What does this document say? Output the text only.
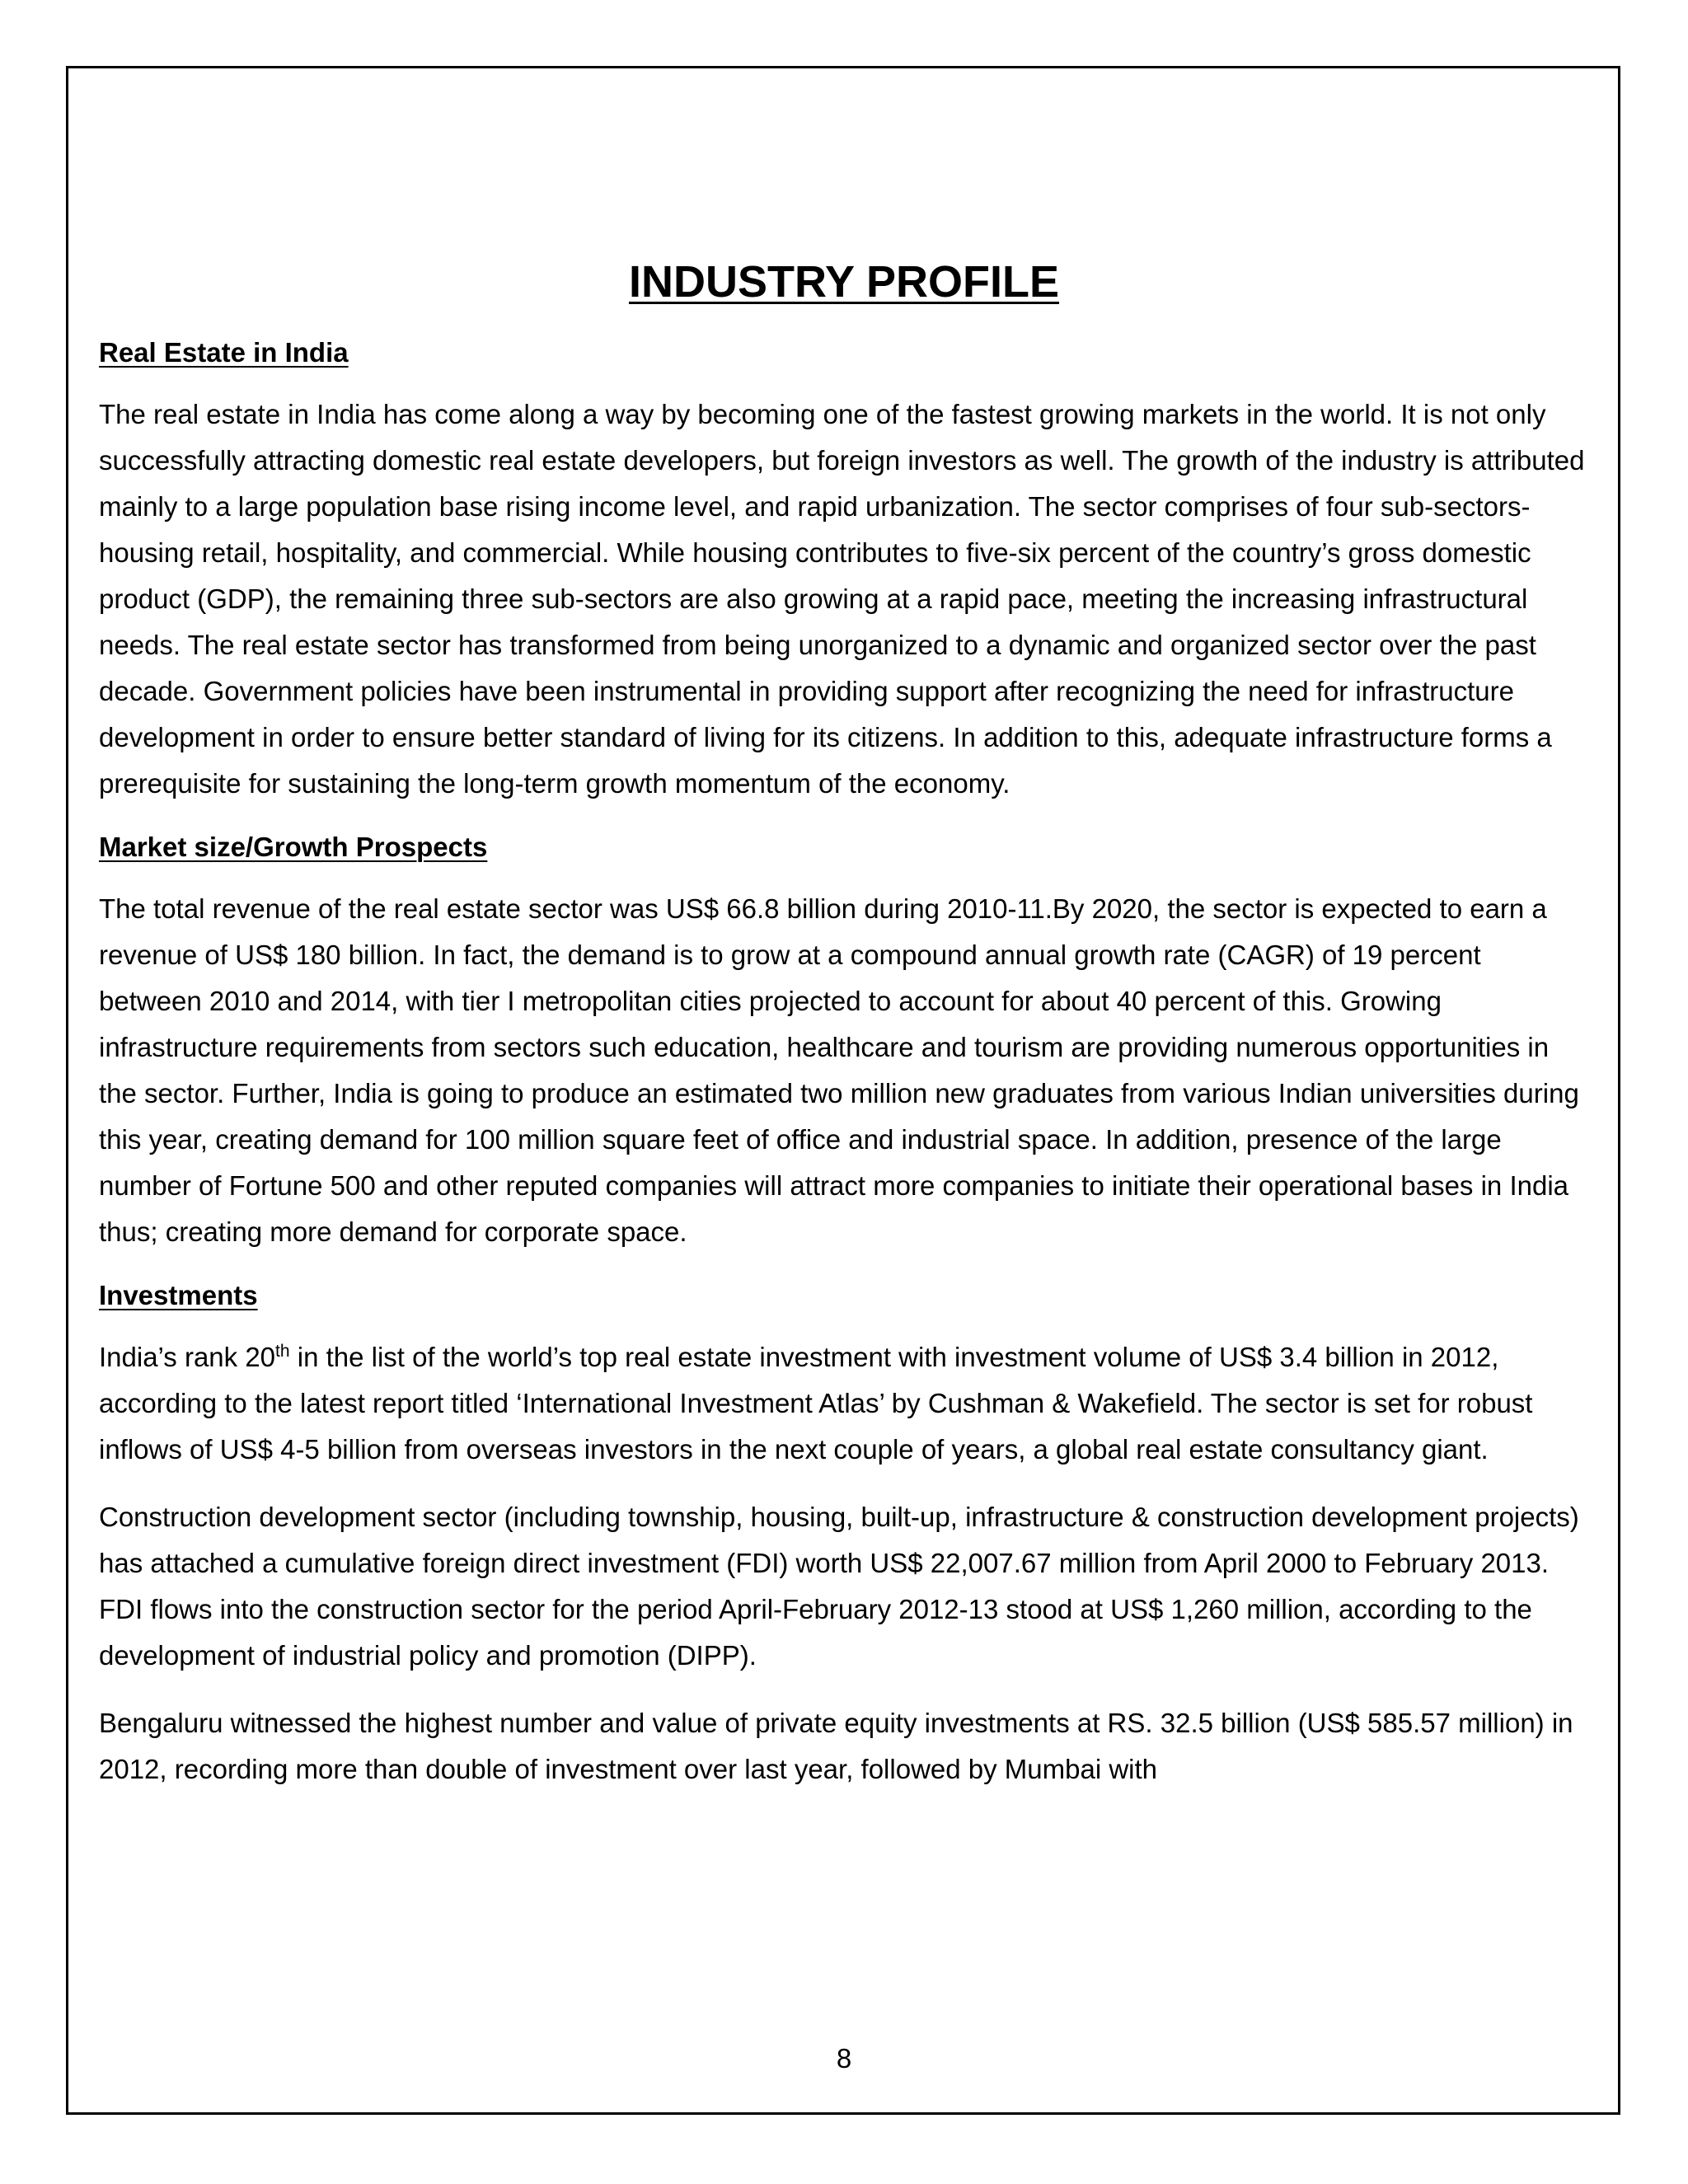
INDUSTRY PROFILE
Real Estate in India

The real estate in India has come along a way by becoming one of the fastest growing markets in the world. It is not only successfully attracting domestic real estate developers, but foreign investors as well. The growth of the industry is attributed mainly to a large population base rising income level, and rapid urbanization. The sector comprises of four sub-sectors-housing retail, hospitality, and commercial. While housing contributes to five-six percent of the country’s gross domestic product (GDP), the remaining three sub-sectors are also growing at a rapid pace, meeting the increasing infrastructural needs. The real estate sector has transformed from being unorganized to a dynamic and organized sector over the past decade. Government policies have been instrumental in providing support after recognizing the need for infrastructure development in order to ensure better standard of living for its citizens. In addition to this, adequate infrastructure forms a prerequisite for sustaining the long-term growth momentum of the economy.

Market size/Growth Prospects

The total revenue of the real estate sector was US$ 66.8 billion during 2010-11.By 2020, the sector is expected to earn a revenue of US$ 180 billion. In fact, the demand is to grow at a compound annual growth rate (CAGR) of 19 percent between 2010 and 2014, with tier I metropolitan cities projected to account for about 40 percent of this. Growing infrastructure requirements from sectors such education, healthcare and tourism are providing numerous opportunities in the sector. Further, India is going to produce an estimated two million new graduates from various Indian universities during this year, creating demand for 100 million square feet of office and industrial space. In addition, presence of the large number of Fortune 500 and other reputed companies will attract more companies to initiate their operational bases in India thus; creating more demand for corporate space.

Investments

India’s rank 20th in the list of the world’s top real estate investment with investment volume of US$ 3.4 billion in 2012, according to the latest report titled ‘International Investment Atlas’ by Cushman & Wakefield. The sector is set for robust inflows of US$ 4-5 billion from overseas investors in the next couple of years, a global real estate consultancy giant.

Construction development sector (including township, housing, built-up, infrastructure & construction development projects) has attached a cumulative foreign direct investment (FDI) worth US$ 22,007.67 million from April 2000 to February 2013. FDI flows into the construction sector for the period April-February 2012-13 stood at US$ 1,260 million, according to the development of industrial policy and promotion (DIPP).

Bengaluru witnessed the highest number and value of private equity investments at RS. 32.5 billion (US$ 585.57 million) in 2012, recording more than double of investment over last year, followed by Mumbai with

8
